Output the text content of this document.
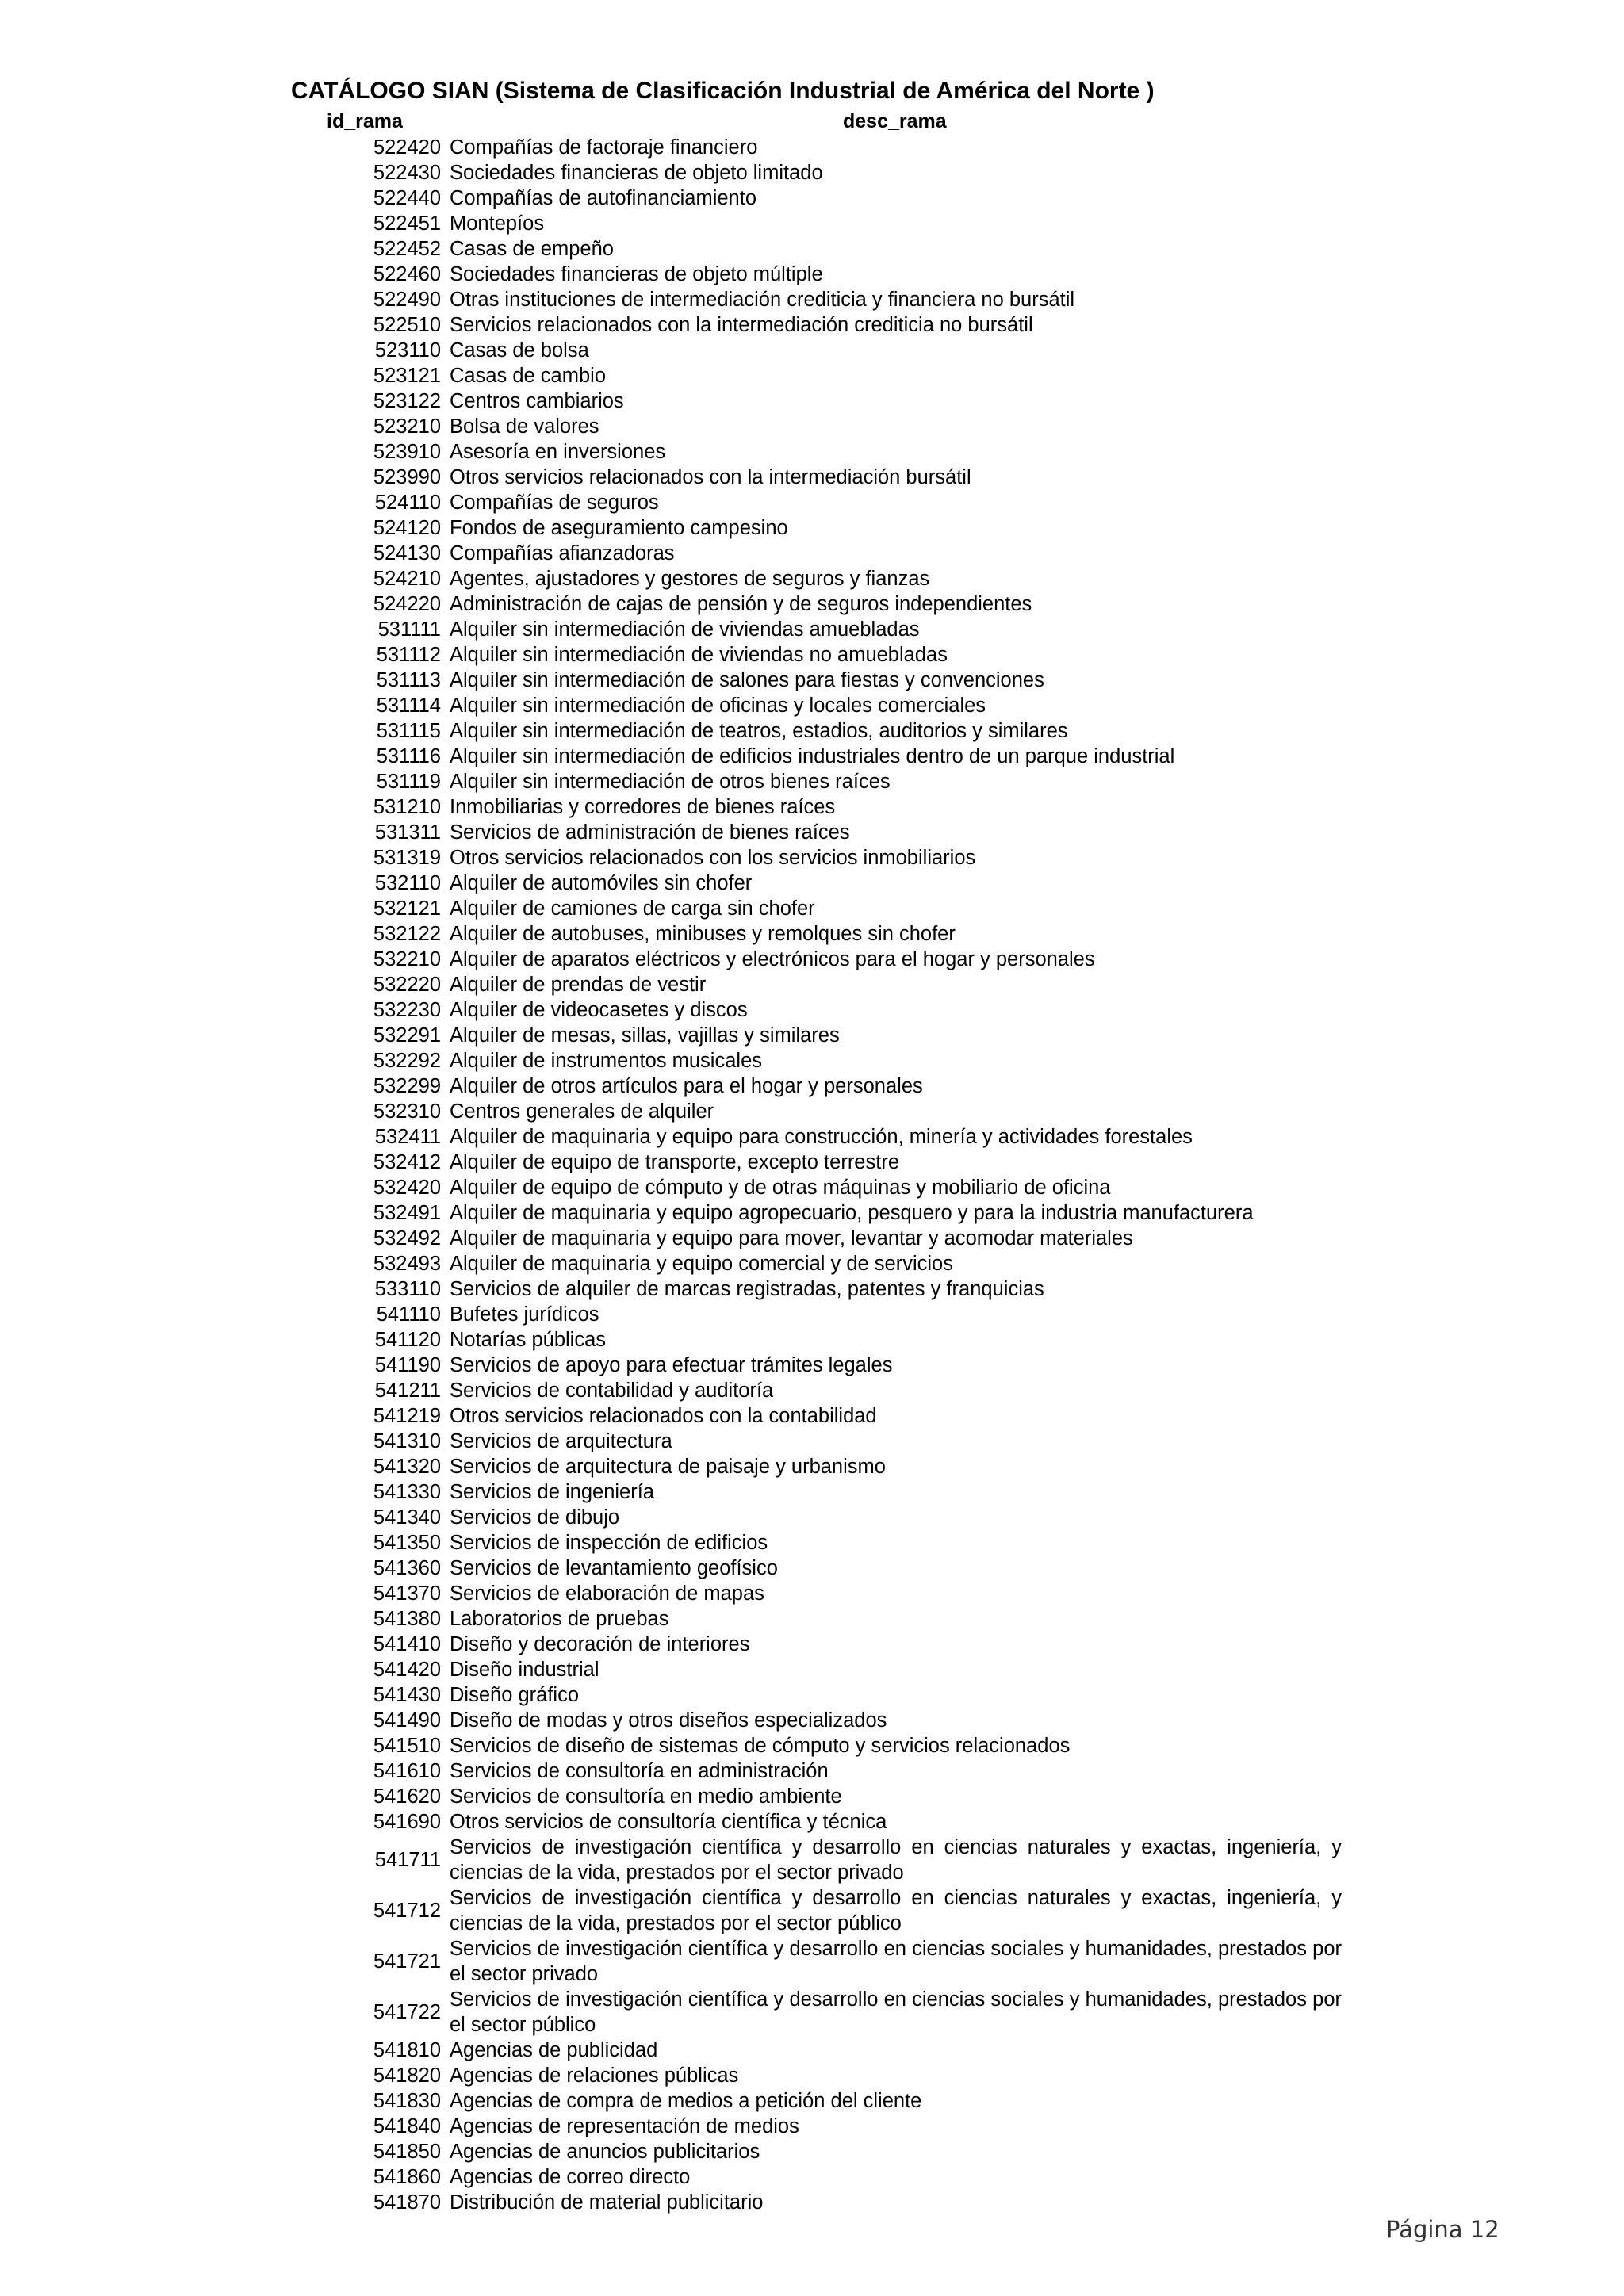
CATÁLOGO SIAN (Sistema de Clasificación Industrial de América del Norte )
id_rama	desc_rama
522420 Compañías de factoraje financiero
522430 Sociedades financieras de objeto limitado
522440 Compañías de autofinanciamiento
522451 Montepíos
522452 Casas de empeño
522460 Sociedades financieras de objeto múltiple
522490 Otras instituciones de intermediación crediticia y financiera no bursátil
522510 Servicios relacionados con la intermediación crediticia no bursátil
523110 Casas de bolsa
523121 Casas de cambio
523122 Centros cambiarios
523210 Bolsa de valores
523910 Asesoría en inversiones
523990 Otros servicios relacionados con la intermediación bursátil
524110 Compañías de seguros
524120 Fondos de aseguramiento campesino
524130 Compañías afianzadoras
524210 Agentes, ajustadores y gestores de seguros y fianzas
524220 Administración de cajas de pensión y de seguros independientes
531111 Alquiler sin intermediación de viviendas amuebladas
531112 Alquiler sin intermediación de viviendas no amuebladas
531113 Alquiler sin intermediación de salones para fiestas y convenciones
531114 Alquiler sin intermediación de oficinas y locales comerciales
531115 Alquiler sin intermediación de teatros, estadios, auditorios y similares
531116 Alquiler sin intermediación de edificios industriales dentro de un parque industrial
531119 Alquiler sin intermediación de otros bienes raíces
531210 Inmobiliarias y corredores de bienes raíces
531311 Servicios de administración de bienes raíces
531319 Otros servicios relacionados con los servicios inmobiliarios
532110 Alquiler de automóviles sin chofer
532121 Alquiler de camiones de carga sin chofer
532122 Alquiler de autobuses, minibuses y remolques sin chofer
532210 Alquiler de aparatos eléctricos y electrónicos para el hogar y personales
532220 Alquiler de prendas de vestir
532230 Alquiler de videocasetes y discos
532291 Alquiler de mesas, sillas, vajillas y similares
532292 Alquiler de instrumentos musicales
532299 Alquiler de otros artículos para el hogar y personales
532310 Centros generales de alquiler
532411 Alquiler de maquinaria y equipo para construcción, minería y actividades forestales
532412 Alquiler de equipo de transporte, excepto terrestre
532420 Alquiler de equipo de cómputo y de otras máquinas y mobiliario de oficina
532491 Alquiler de maquinaria y equipo agropecuario, pesquero y para la industria manufacturera
532492 Alquiler de maquinaria y equipo para mover, levantar y acomodar materiales
532493 Alquiler de maquinaria y equipo comercial y de servicios
533110 Servicios de alquiler de marcas registradas, patentes y franquicias
541110 Bufetes jurídicos
541120 Notarías públicas
541190 Servicios de apoyo para efectuar trámites legales
541211 Servicios de contabilidad y auditoría
541219 Otros servicios relacionados con la contabilidad
541310 Servicios de arquitectura
541320 Servicios de arquitectura de paisaje y urbanismo
541330 Servicios de ingeniería
541340 Servicios de dibujo
541350 Servicios de inspección de edificios
541360 Servicios de levantamiento geofísico
541370 Servicios de elaboración de mapas
541380 Laboratorios de pruebas
541410 Diseño y decoración de interiores
541420 Diseño industrial
541430 Diseño gráfico
541490 Diseño de modas y otros diseños especializados
541510 Servicios de diseño de sistemas de cómputo y servicios relacionados
541610 Servicios de consultoría en administración
541620 Servicios de consultoría en medio ambiente
541690 Otros servicios de consultoría científica y técnica
541711
Servicios de investigación científica y desarrollo en ciencias naturales y exactas, ingeniería, y ciencias de la vida, prestados por el sector privado
541712
Servicios de investigación científica y desarrollo en ciencias naturales y exactas, ingeniería, y ciencias de la vida, prestados por el sector público
541721
Servicios de investigación científica y desarrollo en ciencias sociales y humanidades, prestados por el sector privado
541722
Servicios de investigación científica y desarrollo en ciencias sociales y humanidades, prestados por el sector público
541810 Agencias de publicidad
541820 Agencias de relaciones públicas
541830 Agencias de compra de medios a petición del cliente
541840 Agencias de representación de medios
541850 Agencias de anuncios publicitarios
541860 Agencias de correo directo
541870 Distribución de material publicitario
Página 12
